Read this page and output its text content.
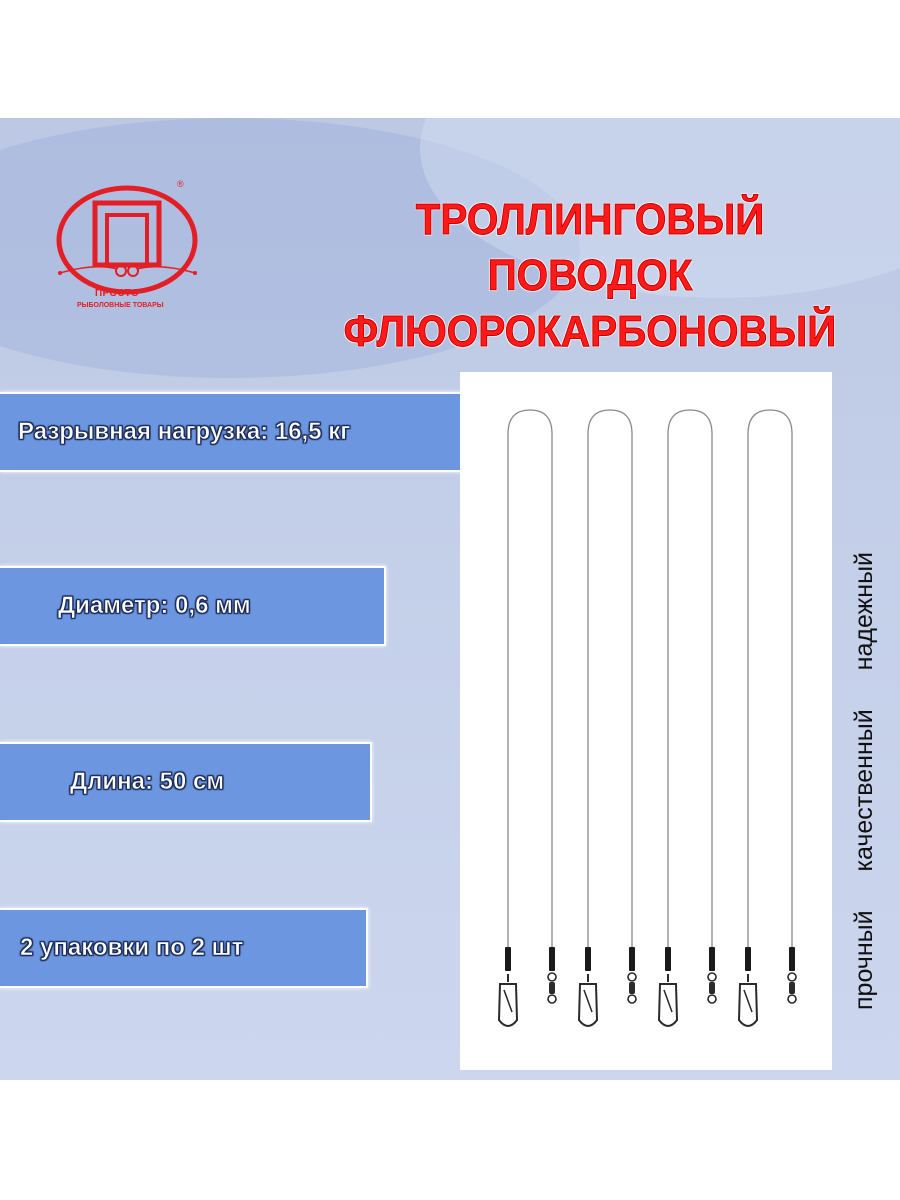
®
ПРОСТО
РЫБОЛОВНЫЕ ТОВАРЫ
ТРОЛЛИНГОВЫЙ
ПОВОДОК
ФЛЮОРОКАРБОНОВЫЙ
Разрывная нагрузка: 16,5 кг
Диаметр: 0,6 мм
Длина: 50 см
2 упаковки по 2 шт	прочный качественный надежный
